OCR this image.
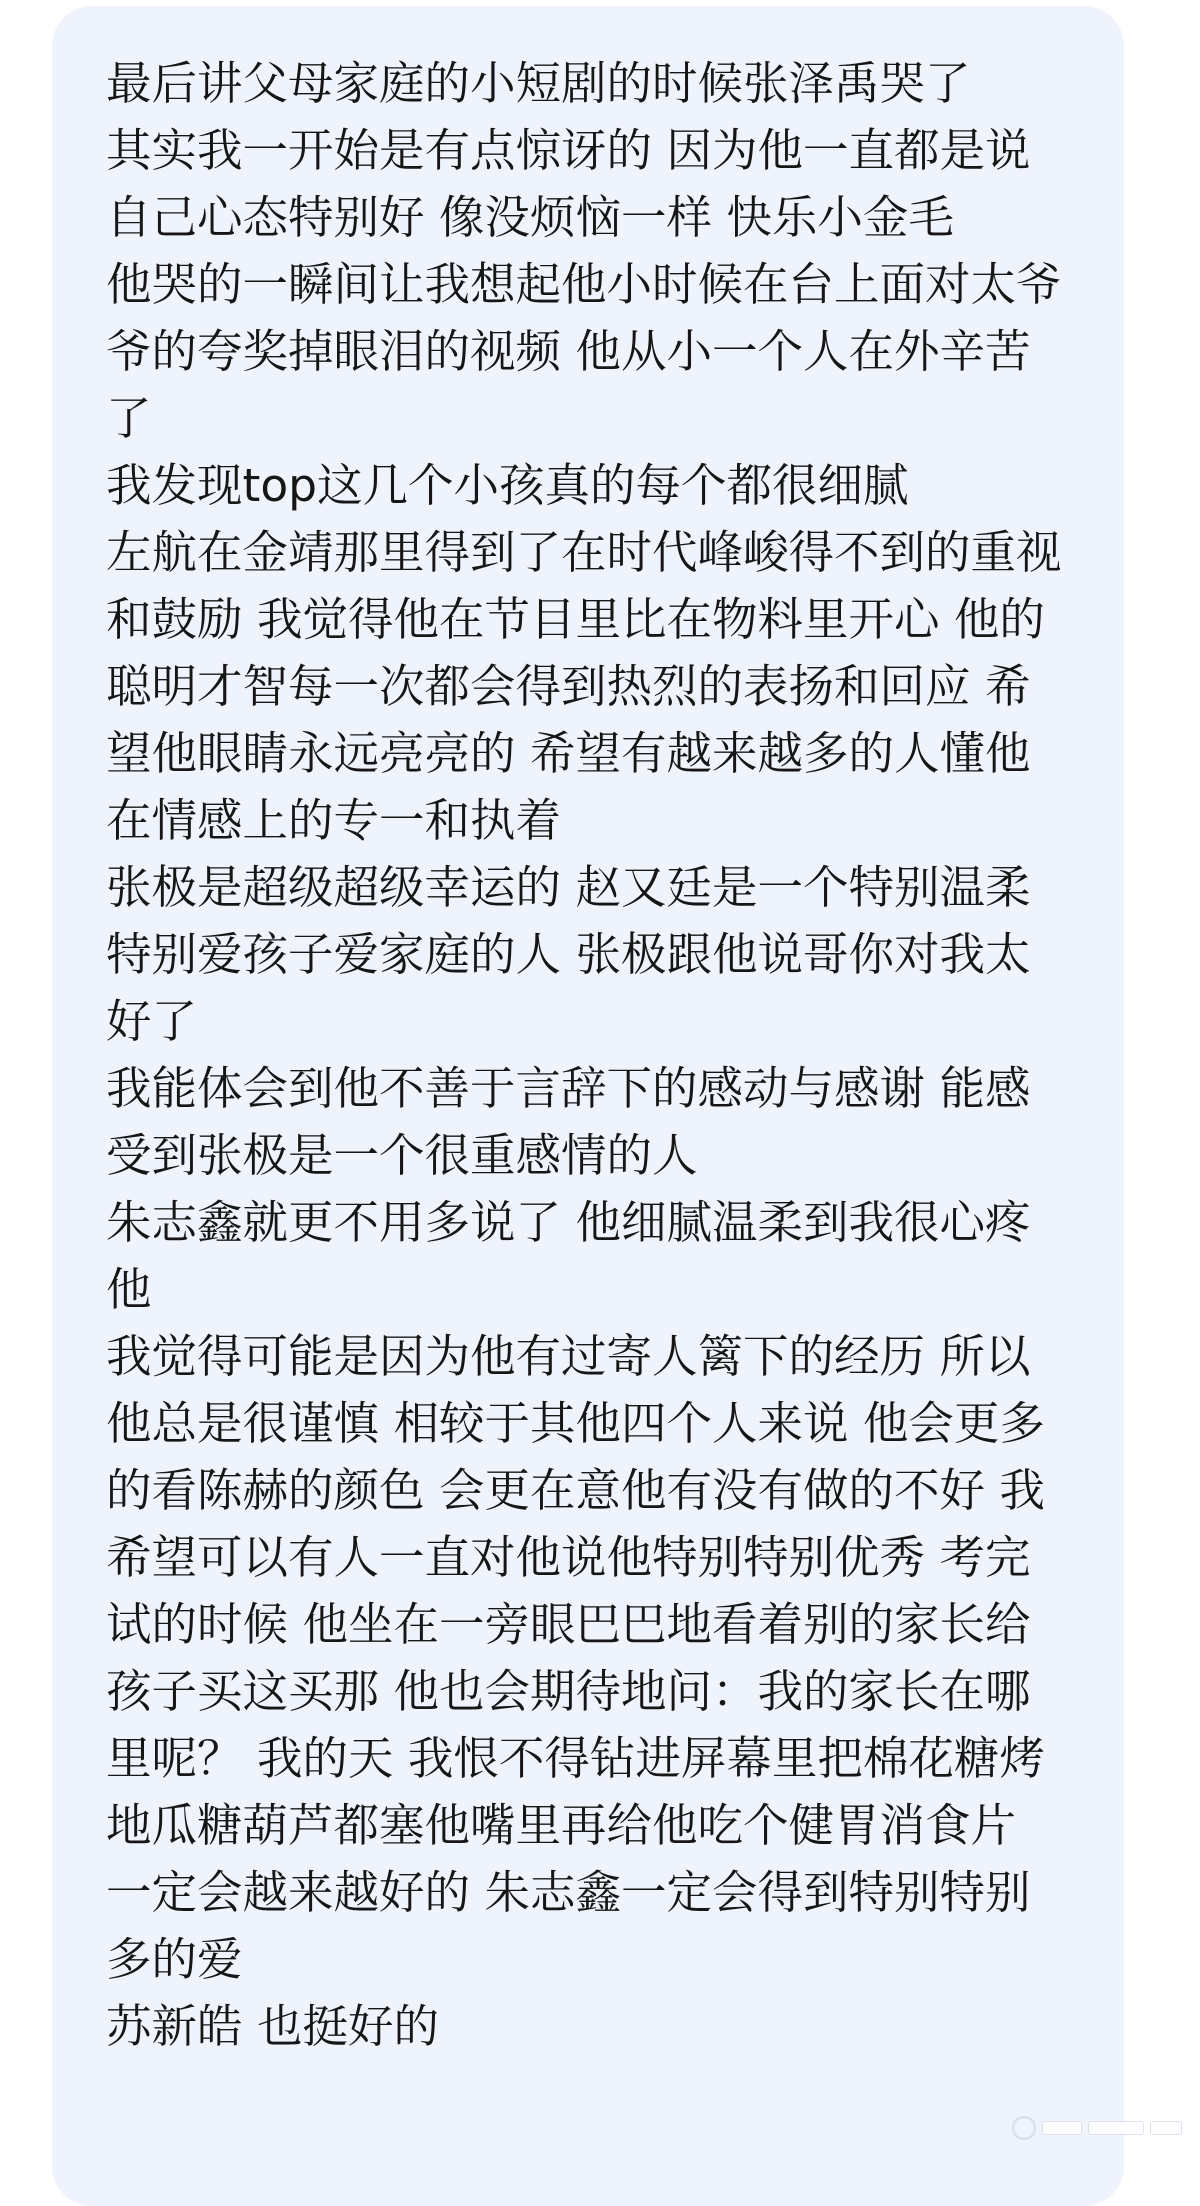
最后讲父母家庭的小短剧的时候张泽禹哭了
其实我一开始是有点惊讶的 因为他一直都是说
自己心态特别好 像没烦恼一样 快乐小金毛
他哭的一瞬间让我想起他小时候在台上面对太爷
爷的夸奖掉眼泪的视频 他从小一个人在外辛苦
了
我发现top这几个小孩真的每个都很细腻
左航在金靖那里得到了在时代峰峻得不到的重视
和鼓励 我觉得他在节目里比在物料里开心 他的
聪明才智每一次都会得到热烈的表扬和回应 希
望他眼睛永远亮亮的 希望有越来越多的人懂他
在情感上的专一和执着
张极是超级超级幸运的 赵又廷是一个特别温柔
特别爱孩子爱家庭的人 张极跟他说哥你对我太
好了
我能体会到他不善于言辞下的感动与感谢 能感
受到张极是一个很重感情的人
朱志鑫就更不用多说了 他细腻温柔到我很心疼
他
我觉得可能是因为他有过寄人篱下的经历 所以
他总是很谨慎 相较于其他四个人来说 他会更多
的看陈赫的颜色 会更在意他有没有做的不好 我
希望可以有人一直对他说他特别特别优秀 考完
试的时候 他坐在一旁眼巴巴地看着别的家长给
孩子买这买那 他也会期待地问：我的家长在哪
里呢？ 我的天 我恨不得钻进屏幕里把棉花糖烤
地瓜糖葫芦都塞他嘴里再给他吃个健胃消食片
一定会越来越好的 朱志鑫一定会得到特别特别
多的爱
苏新皓 也挺好的
